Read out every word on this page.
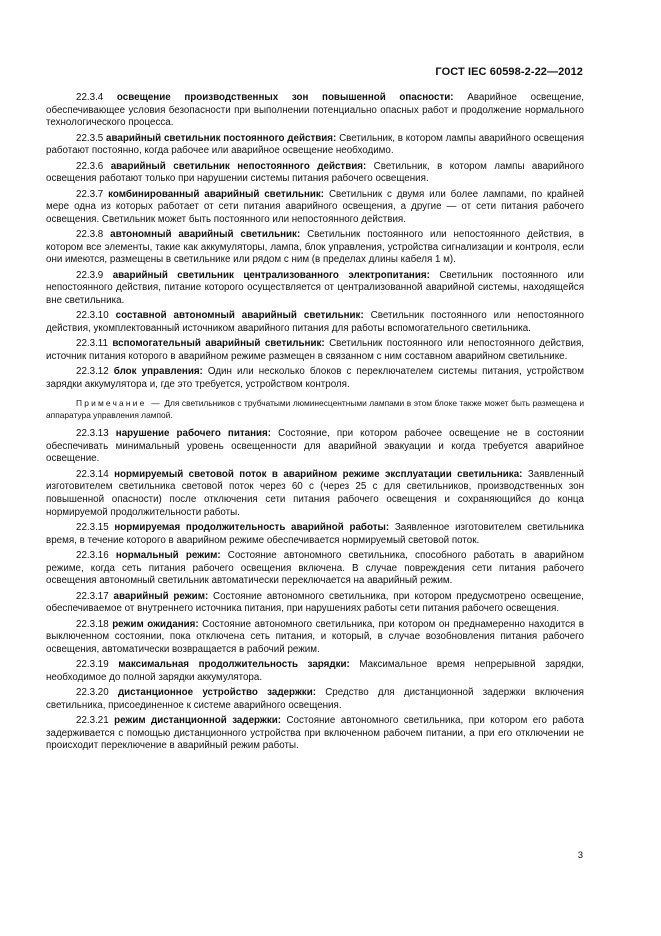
ГОСТ IEC 60598-2-22—2012

22.3.4 освещение производственных зон повышенной опасности: Аварийное освещение, обеспечивающее условия безопасности при выполнении потенциально опасных работ и продолжение нормального технологического процесса.

22.3.5 аварийный светильник постоянного действия: Светильник, в котором лампы аварийного освещения работают постоянно, когда рабочее или аварийное освещение необходимо.

22.3.6 аварийный светильник непостоянного действия: Светильник, в котором лампы аварийного освещения работают только при нарушении системы питания рабочего освещения.

22.3.7 комбинированный аварийный светильник: Светильник с двумя или более лампами, по крайней мере одна из которых работает от сети питания аварийного освещения, а другие — от сети питания рабочего освещения. Светильник может быть постоянного или непостоянного действия.

22.3.8 автономный аварийный светильник: Светильник постоянного или непостоянного действия, в котором все элементы, такие как аккумуляторы, лампа, блок управления, устройства сигнализации и контроля, если они имеются, размещены в светильнике или рядом с ним (в пределах длины кабеля 1 м).

22.3.9 аварийный светильник централизованного электропитания: Светильник постоянного или непостоянного действия, питание которого осуществляется от централизованной аварийной системы, находящейся вне светильника.

22.3.10 составной автономный аварийный светильник: Светильник постоянного или непостоянного действия, укомплектованный источником аварийного питания для работы вспомогательного светильника.

22.3.11 вспомогательный аварийный светильник: Светильник постоянного или непостоянного действия, источник питания которого в аварийном режиме размещен в связанном с ним составном аварийном светильнике.

22.3.12 блок управления: Один или несколько блоков с переключателем системы питания, устройством зарядки аккумулятора и, где это требуется, устройством контроля.

Примечание — Для светильников с трубчатыми люминесцентными лампами в этом блоке также может быть размещена и аппаратура управления лампой.

22.3.13 нарушение рабочего питания: Состояние, при котором рабочее освещение не в состоянии обеспечивать минимальный уровень освещенности для аварийной эвакуации и когда требуется аварийное освещение.

22.3.14 нормируемый световой поток в аварийном режиме эксплуатации светильника: Заявленный изготовителем светильника световой поток через 60 с (через 25 с для светильников, производственных зон повышенной опасности) после отключения сети питания рабочего освещения и сохраняющийся до конца нормируемой продолжительности работы.

22.3.15 нормируемая продолжительность аварийной работы: Заявленное изготовителем светильника время, в течение которого в аварийном режиме обеспечивается нормируемый световой поток.

22.3.16 нормальный режим: Состояние автономного светильника, способного работать в аварийном режиме, когда сеть питания рабочего освещения включена. В случае повреждения сети питания рабочего освещения автономный светильник автоматически переключается на аварийный режим.

22.3.17 аварийный режим: Состояние автономного светильника, при котором предусмотрено освещение, обеспечиваемое от внутреннего источника питания, при нарушениях работы сети питания рабочего освещения.

22.3.18 режим ожидания: Состояние автономного светильника, при котором он преднамеренно находится в выключенном состоянии, пока отключена сеть питания, и который, в случае возобновления питания рабочего освещения, автоматически возвращается в рабочий режим.

22.3.19 максимальная продолжительность зарядки: Максимальное время непрерывной зарядки, необходимое до полной зарядки аккумулятора.

22.3.20 дистанционное устройство задержки: Средство для дистанционной задержки включения светильника, присоединенное к системе аварийного освещения.

22.3.21 режим дистанционной задержки: Состояние автономного светильника, при котором его работа задерживается с помощью дистанционного устройства при включенном рабочем питании, а при его отключении не происходит переключение в аварийный режим работы.

3
